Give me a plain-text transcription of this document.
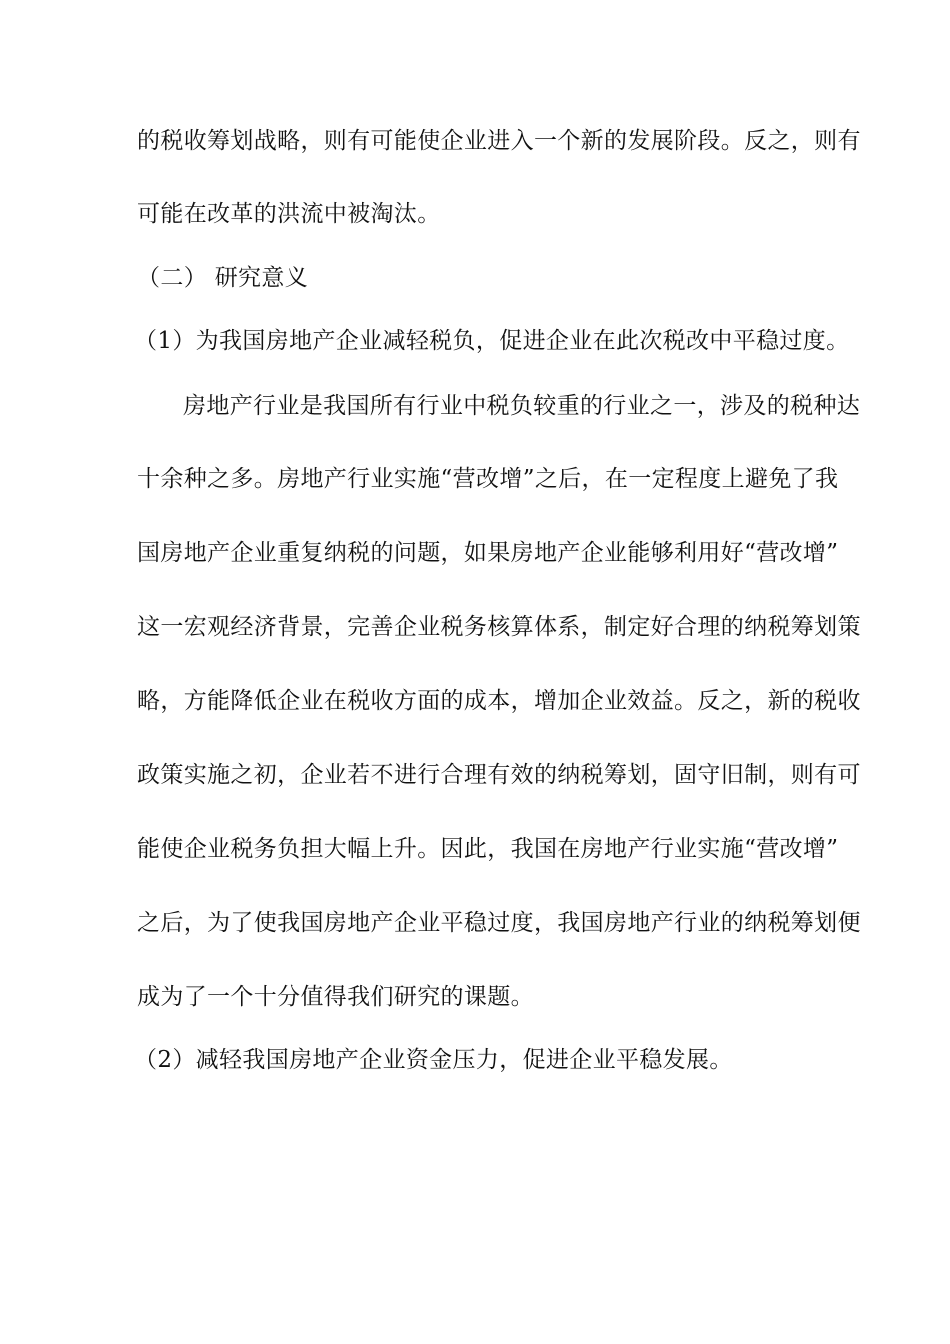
的税收筹划战略，则有可能使企业进入一个新的发展阶段。反之，则有
可能在改革的洪流中被淘汰。
（二） 研究意义
（1）为我国房地产企业减轻税负，促进企业在此次税改中平稳过度。
房地产行业是我国所有行业中税负较重的行业之一，涉及的税种达
十余种之多。房地产行业实施“营改增”之后，在一定程度上避免了我
国房地产企业重复纳税的问题，如果房地产企业能够利用好“营改增”
这一宏观经济背景，完善企业税务核算体系，制定好合理的纳税筹划策
略，方能降低企业在税收方面的成本，增加企业效益。反之，新的税收
政策实施之初，企业若不进行合理有效的纳税筹划，固守旧制，则有可
能使企业税务负担大幅上升。因此，我国在房地产行业实施“营改增”
之后，为了使我国房地产企业平稳过度，我国房地产行业的纳税筹划便
成为了一个十分值得我们研究的课题。
（2）减轻我国房地产企业资金压力，促进企业平稳发展。
